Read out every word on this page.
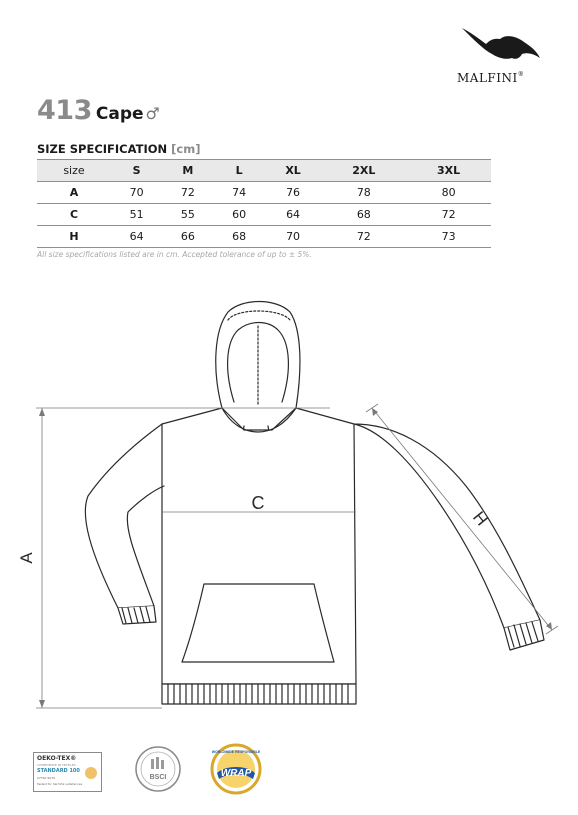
MALFINI®
413 Cape ♂
SIZE SPECIFICATION [cm]
size	S	M	L	XL	2XL	3XL
A	70	72	74	76	78	80
C	51	55	60	64	68	72
H	64	66	68	70	72	73
All size specifications listed are in cm. Accepted tolerance of up to ± 5%.
A
C
H
OEKO-TEX®
CONFIDENCE IN TEXTILES
STANDARD 100
07TS0 9079
Tested for harmful substances
BSCI	WRAP
WORLDWIDE RESPONSIBLE
